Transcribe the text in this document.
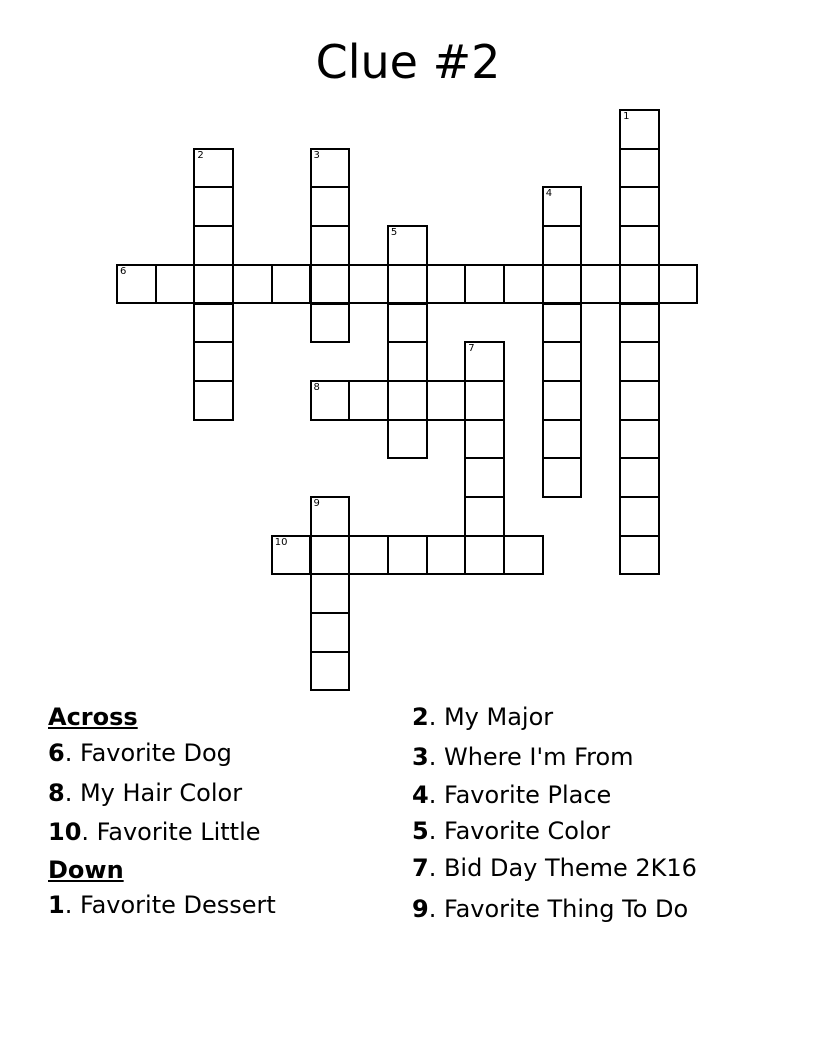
Clue #2
1
2	3
4
5
6
7
8
9
10
Across
6. Favorite Dog
8. My Hair Color
10. Favorite Little
Down
1. Favorite Dessert
2. My Major
3. Where I'm From
4. Favorite Place
5. Favorite Color
7. Bid Day Theme 2K16
9. Favorite Thing To Do
